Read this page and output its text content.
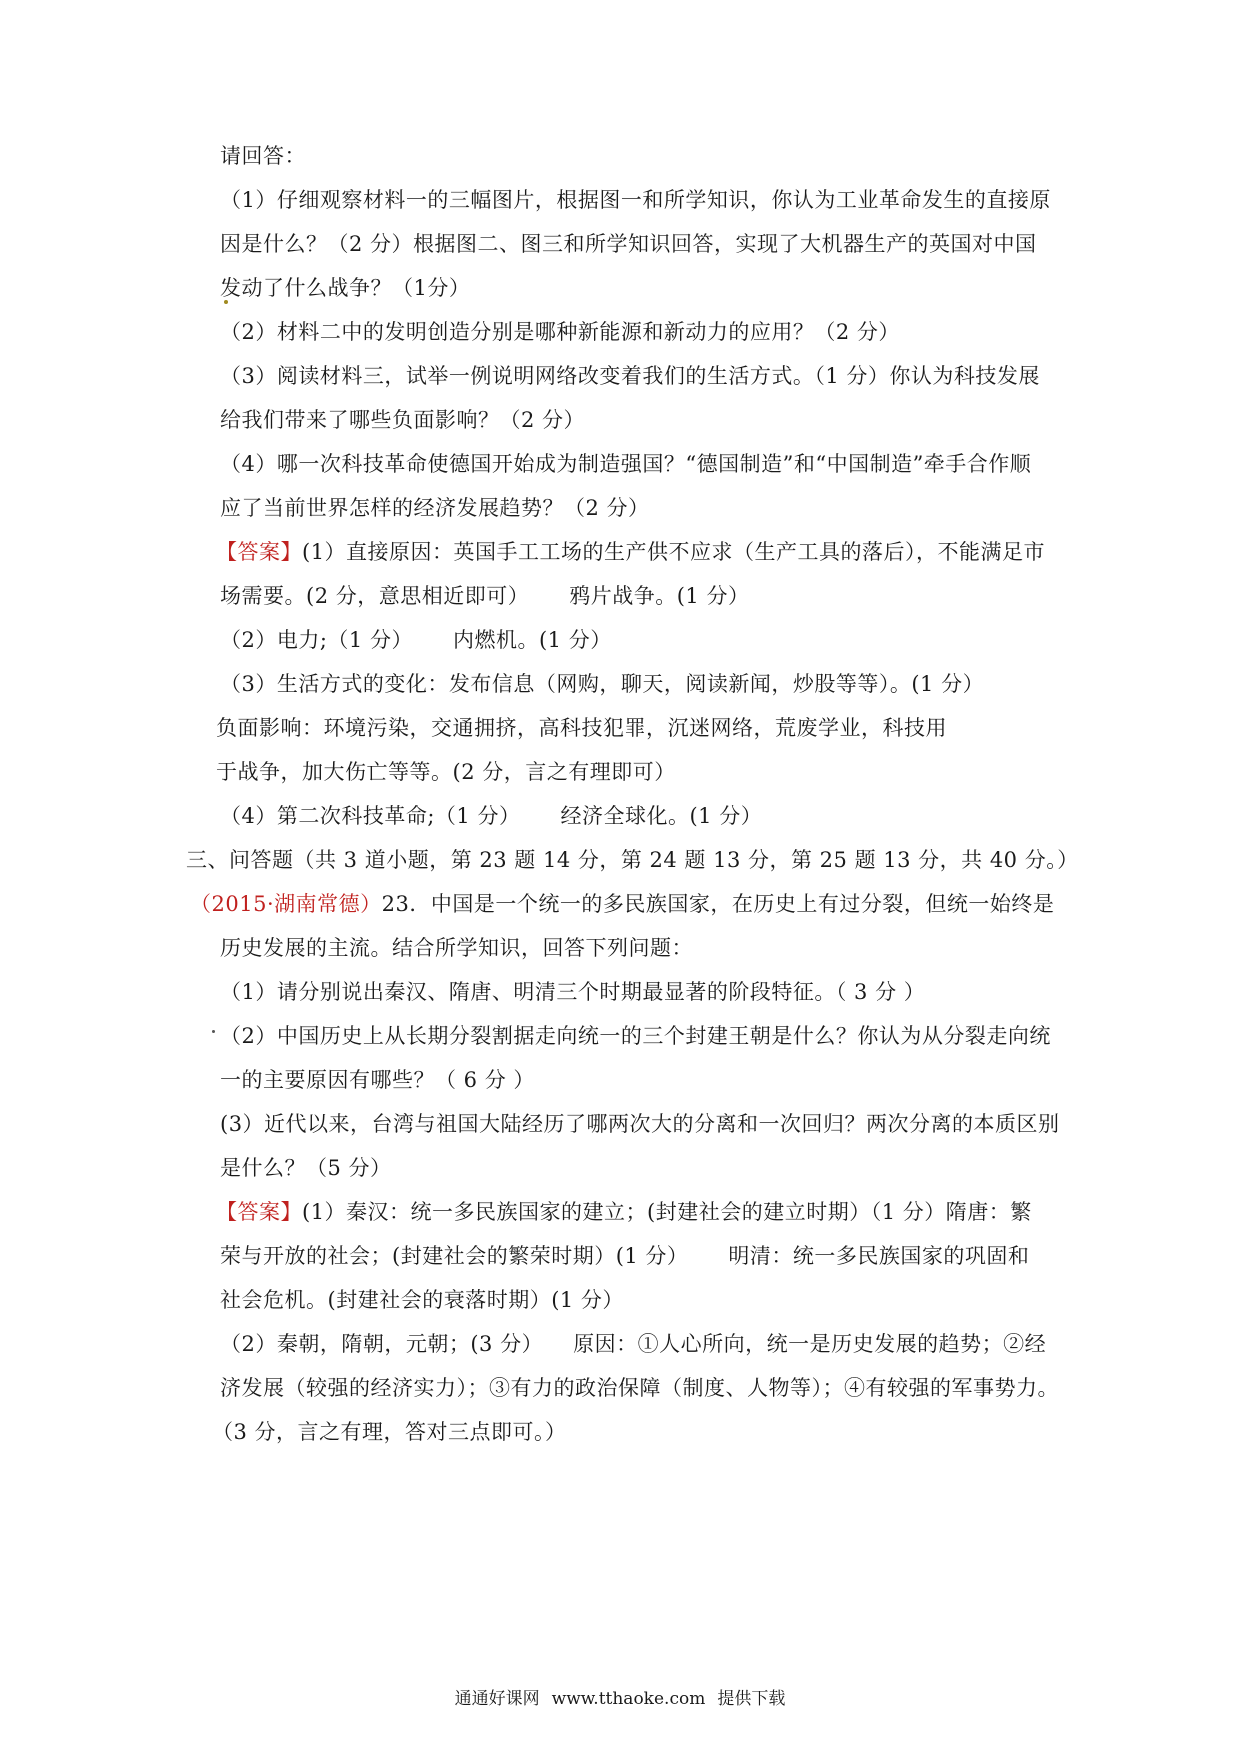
请回答：
（1）仔细观察材料一的三幅图片，根据图一和所学知识，你认为工业革命发生的直接原
因是什么？（2 分）根据图二、图三和所学知识回答，实现了大机器生产的英国对中国
发动了什么战争？（1分）
（2）材料二中的发明创造分别是哪种新能源和新动力的应用？（2 分）
（3）阅读材料三，试举一例说明网络改变着我们的生活方式。（1 分）你认为科技发展
给我们带来了哪些负面影响？（2 分）
（4）哪一次科技革命使德国开始成为制造强国？“德国制造”和“中国制造”牵手合作顺
应了当前世界怎样的经济发展趋势？（2 分）
【答案】(1）直接原因：英国手工工场的生产供不应求（生产工具的落后），不能满足市
场需要。(2 分，意思相近即可） 鸦片战争。(1 分）
（2）电力;（1 分） 内燃机。(1 分）
（3）生活方式的变化：发布信息（网购，聊天，阅读新闻，炒股等等）。(1 分）
负面影响：环境污染，交通拥挤，高科技犯罪，沉迷网络，荒废学业，科技用
于战争，加大伤亡等等。(2 分，言之有理即可）
（4）第二次科技革命;（1 分） 经济全球化。(1 分）
三、问答题（共 3 道小题，第 23 题 14 分，第 24 题 13 分，第 25 题 13 分，共 40 分。）
（2015·湖南常德）23．中国是一个统一的多民族国家，在历史上有过分裂，但统一始终是
历史发展的主流。结合所学知识，回答下列问题：
（1）请分别说出秦汉、隋唐、明清三个时期最显著的阶段特征。（ 3 分 ）
（2）中国历史上从长期分裂割据走向统一的三个封建王朝是什么？你认为从分裂走向统
一的主要原因有哪些？（ 6 分 ）
(3）近代以来，台湾与祖国大陆经历了哪两次大的分离和一次回归？两次分离的本质区别
是什么？（5 分）
【答案】(1）秦汉：统一多民族国家的建立；(封建社会的建立时期）（1 分）隋唐：繁
荣与开放的社会；(封建社会的繁荣时期）(1 分） 明清：统一多民族国家的巩固和
社会危机。(封建社会的衰落时期）(1 分）
（2）秦朝，隋朝，元朝；(3 分） 原因：①人心所向，统一是历史发展的趋势；②经
济发展（较强的经济实力）；③有力的政治保障（制度、人物等）；④有较强的军事势力。
（3 分，言之有理，答对三点即可。）
通通好课网 www.tthaoke.com 提供下载
